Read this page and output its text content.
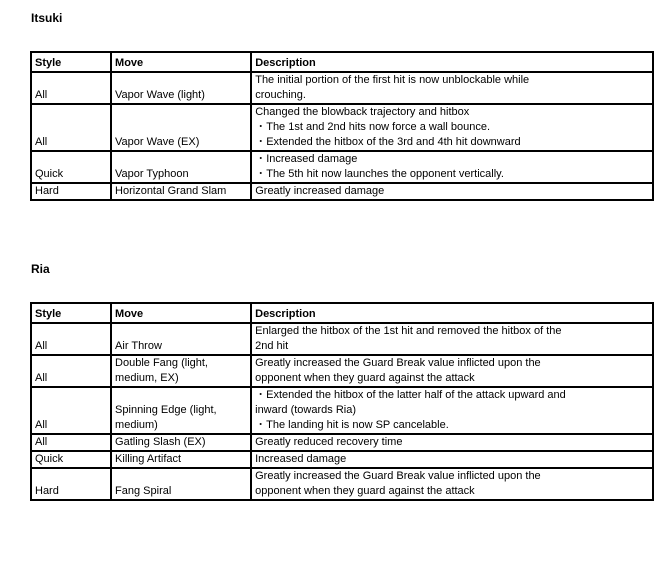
Itsuki
Style	Move	Description
All	Vapor Wave (light)	The initial portion of the first hit is now unblockable while
crouching.

All	Vapor Wave (EX)	Changed the blowback trajectory and hitbox
・The 1st and 2nd hits now force a wall bounce.
・Extended the hitbox of the 3rd and 4th hit downward

Quick	Vapor Typhoon	・Increased damage
・The 5th hit now launches the opponent vertically.

Hard	Horizontal Grand Slam	Greatly increased damage
Ria
Style	Move	Description
All	Air Throw	Enlarged the hitbox of the 1st hit and removed the hitbox of the
2nd hit

All	Double Fang (light,
medium, EX)	Greatly increased the Guard Break value inflicted upon the
opponent when they guard against the attack

All	Spinning Edge (light,
medium)	・Extended the hitbox of the latter half of the attack upward and
inward (towards Ria)
・The landing hit is now SP cancelable.

All	Gatling Slash (EX)	Greatly reduced recovery time

Quick	Killing Artifact	Increased damage

Hard	Fang Spiral	Greatly increased the Guard Break value inflicted upon the
opponent when they guard against the attack
